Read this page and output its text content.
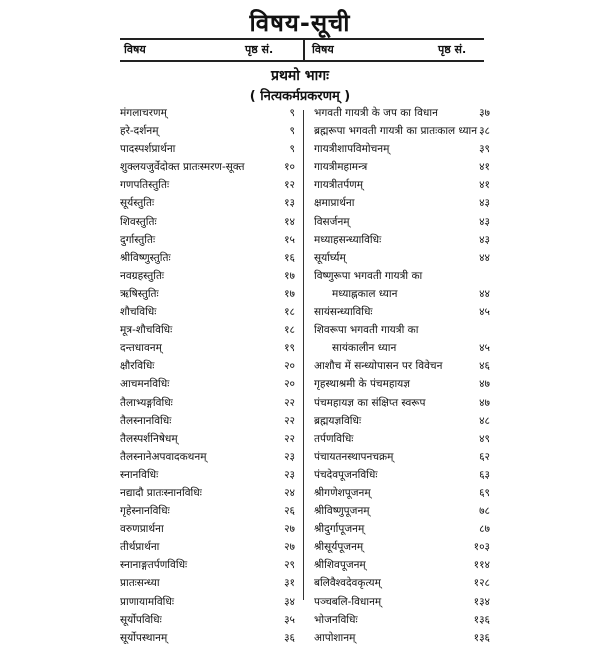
विषय-सूची
विषय	पृष्ठ सं.	विषय	पृष्ठ सं.
प्रथमो भागः
( नित्यकर्मप्रकरणम् )
मंगलाचरणम्	९
हरे-दर्शनम्	९
पादस्पर्शप्रार्थना	९
शुक्लयजुर्वेदोक्त प्रातःस्मरण-सूक्त	१०
गणपतिस्तुतिः	१२
सूर्यस्तुतिः	१३
शिवस्तुतिः	१४
दुर्गास्तुतिः	१५
श्रीविष्णुस्तुतिः	१६
नवग्रहस्तुतिः	१७
ऋषिस्तुतिः	१७
शौचविधिः	१८
मूत्र-शौचविधिः	१८
दन्तधावनम्	१९
क्षौरविधिः	२०
आचमनविधिः	२०
तैलाभ्यङ्गविधिः	२२
तैलस्नानविधिः	२२
तैलस्पर्शनिषेधम्	२२
तैलस्नानेअपवादकथनम्	२३
स्नानविधिः	२३
नद्यादौ प्रातःस्नानविधिः	२४
गृहेस्नानविधिः	२६
वरुणप्रार्थना	२७
तीर्थप्रार्थना	२७
स्नानाङ्गतर्पणविधिः	२९
प्रातःसन्ध्या	३१
प्राणायामविधिः	३४
सूर्योपविधिः	३५
सूर्योपस्थानम्	३६
भगवती गायत्री के जप का विधान	३७
ब्रह्मरूपा भगवती गायत्री का प्रातःकाल ध्यान ३८
गायत्रीशापविमोचनम्	३९
गायत्रीमहामन्त्र	४१
गायत्रीतर्पणम्	४१
क्षमाप्रार्थना	४३
विसर्जनम्	४३
मध्याहसन्ध्याविधिः	४३
सूर्यार्घ्यम्	४४
विष्णुरूपा भगवती गायत्री का
मध्याह्नकाल ध्यान	४४
सायंसन्ध्याविधिः	४५
शिवरूपा भगवती गायत्री का
सायंकालीन ध्यान	४५
आशौच में सन्ध्योपासन पर विवेचन	४६
गृहस्थाश्रमी के पंचमहायज्ञ	४७
पंचमहायज्ञ का संक्षिप्त स्वरूप	४७
ब्रह्मयज्ञविधिः	४८
तर्पणविधिः	४९
पंचायतनस्थापनचक्रम्	६२
पंचदेवपूजनविधिः	६३
श्रीगणेशपूजनम्	६९
श्रीविष्णुपूजनम्	७८
श्रीदुर्गापूजनम्	८७
श्रीसूर्यपूजनम्	१०३
श्रीशिवपूजनम्	११४
बलिवैश्वदेवकृत्यम्	१२८
पञ्चबलि-विधानम्	१३४
भोजनविधिः	१३६
आपोशानम्	१३६
